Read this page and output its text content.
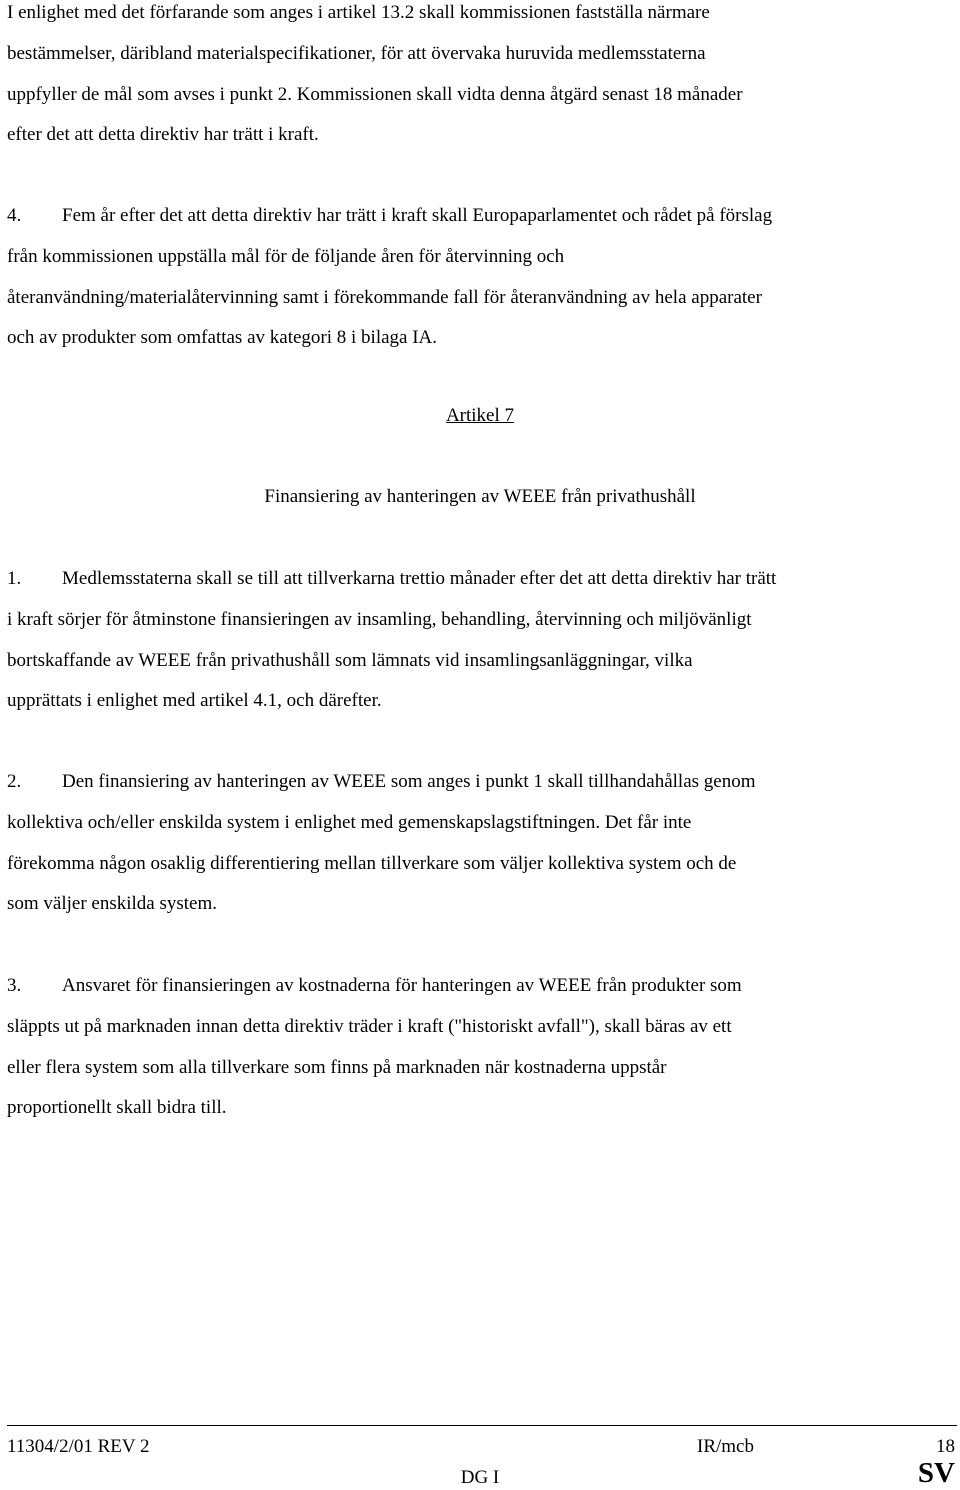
I enlighet med det förfarande som anges i artikel 13.2 skall kommissionen fastställa närmare
bestämmelser, däribland materialspecifikationer, för att övervaka huruvida medlemsstaterna
uppfyller de mål som avses i punkt 2. Kommissionen skall vidta denna åtgärd senast 18 månader
efter det att detta direktiv har trätt i kraft.
4. Fem år efter det att detta direktiv har trätt i kraft skall Europaparlamentet och rådet på förslag
från kommissionen uppställa mål för de följande åren för återvinning och
återanvändning/materialåtervinning samt i förekommande fall för återanvändning av hela apparater
och av produkter som omfattas av kategori 8 i bilaga IA.
Artikel 7
Finansiering av hanteringen av WEEE från privathushåll
1. Medlemsstaterna skall se till att tillverkarna trettio månader efter det att detta direktiv har trätt
i kraft sörjer för åtminstone finansieringen av insamling, behandling, återvinning och miljövänligt
bortskaffande av WEEE från privathushåll som lämnats vid insamlingsanläggningar, vilka
upprättats i enlighet med artikel 4.1, och därefter.
2. Den finansiering av hanteringen av WEEE som anges i punkt 1 skall tillhandahållas genom
kollektiva och/eller enskilda system i enlighet med gemenskapslagstiftningen. Det får inte
förekomma någon osaklig differentiering mellan tillverkare som väljer kollektiva system och de
som väljer enskilda system.
3. Ansvaret för finansieringen av kostnaderna för hanteringen av WEEE från produkter som
släppts ut på marknaden innan detta direktiv träder i kraft ("historiskt avfall"), skall bäras av ett
eller flera system som alla tillverkare som finns på marknaden när kostnaderna uppstår
proportionellt skall bidra till.
11304/2/01 REV 2	IR/mcb	18
DG I	SV
